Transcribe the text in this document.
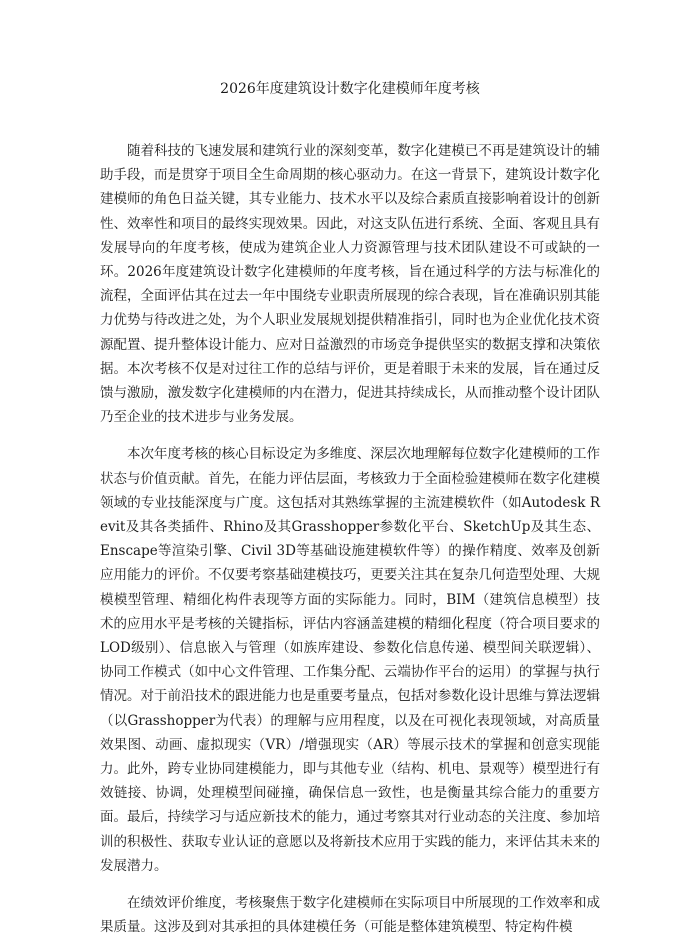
2026年度建筑设计数字化建模师年度考核

随着科技的飞速发展和建筑行业的深刻变革，数字化建模已不再是建筑设计的辅助手段，而是贯穿于项目全生命周期的核心驱动力。在这一背景下，建筑设计数字化建模师的角色日益关键，其专业能力、技术水平以及综合素质直接影响着设计的创新性、效率性和项目的最终实现效果。因此，对这支队伍进行系统、全面、客观且具有发展导向的年度考核，使成为建筑企业人力资源管理与技术团队建设不可或缺的一环。2026年度建筑设计数字化建模师的年度考核，旨在通过科学的方法与标准化的流程，全面评估其在过去一年中围绕专业职责所展现的综合表现，旨在准确识别其能力优势与待改进之处，为个人职业发展规划提供精准指引，同时也为企业优化技术资源配置、提升整体设计能力、应对日益激烈的市场竞争提供坚实的数据支撑和决策依据。本次考核不仅是对过往工作的总结与评价，更是着眼于未来的发展，旨在通过反馈与激励，激发数字化建模师的内在潜力，促进其持续成长，从而推动整个设计团队乃至企业的技术进步与业务发展。

本次年度考核的核心目标设定为多维度、深层次地理解每位数字化建模师的工作状态与价值贡献。首先，在能力评估层面，考核致力于全面检验建模师在数字化建模领域的专业技能深度与广度。这包括对其熟练掌握的主流建模软件（如Autodesk Revit及其各类插件、Rhino及其Grasshopper参数化平台、SketchUp及其生态、Enscape等渲染引擎、Civil 3D等基础设施建模软件等）的操作精度、效率及创新应用能力的评价。不仅要考察基础建模技巧，更要关注其在复杂几何造型处理、大规模模型管理、精细化构件表现等方面的实际能力。同时，BIM（建筑信息模型）技术的应用水平是考核的关键指标，评估内容涵盖建模的精细化程度（符合项目要求的LOD级别）、信息嵌入与管理（如族库建设、参数化信息传递、模型间关联逻辑）、协同工作模式（如中心文件管理、工作集分配、云端协作平台的运用）的掌握与执行情况。对于前沿技术的跟进能力也是重要考量点，包括对参数化设计思维与算法逻辑（以Grasshopper为代表）的理解与应用程度，以及在可视化表现领域，对高质量效果图、动画、虚拟现实（VR）/增强现实（AR）等展示技术的掌握和创意实现能力。此外，跨专业协同建模能力，即与其他专业（结构、机电、景观等）模型进行有效链接、协调，处理模型间碰撞，确保信息一致性，也是衡量其综合能力的重要方面。最后，持续学习与适应新技术的能力，通过考察其对行业动态的关注度、参加培训的积极性、获取专业认证的意愿以及将新技术应用于实践的能力，来评估其未来的发展潜力。

在绩效评价维度，考核聚焦于数字化建模师在实际项目中所展现的工作效率和成果质量。这涉及到对其承担的具体建模任务（可能是整体建筑模型、特定构件模
